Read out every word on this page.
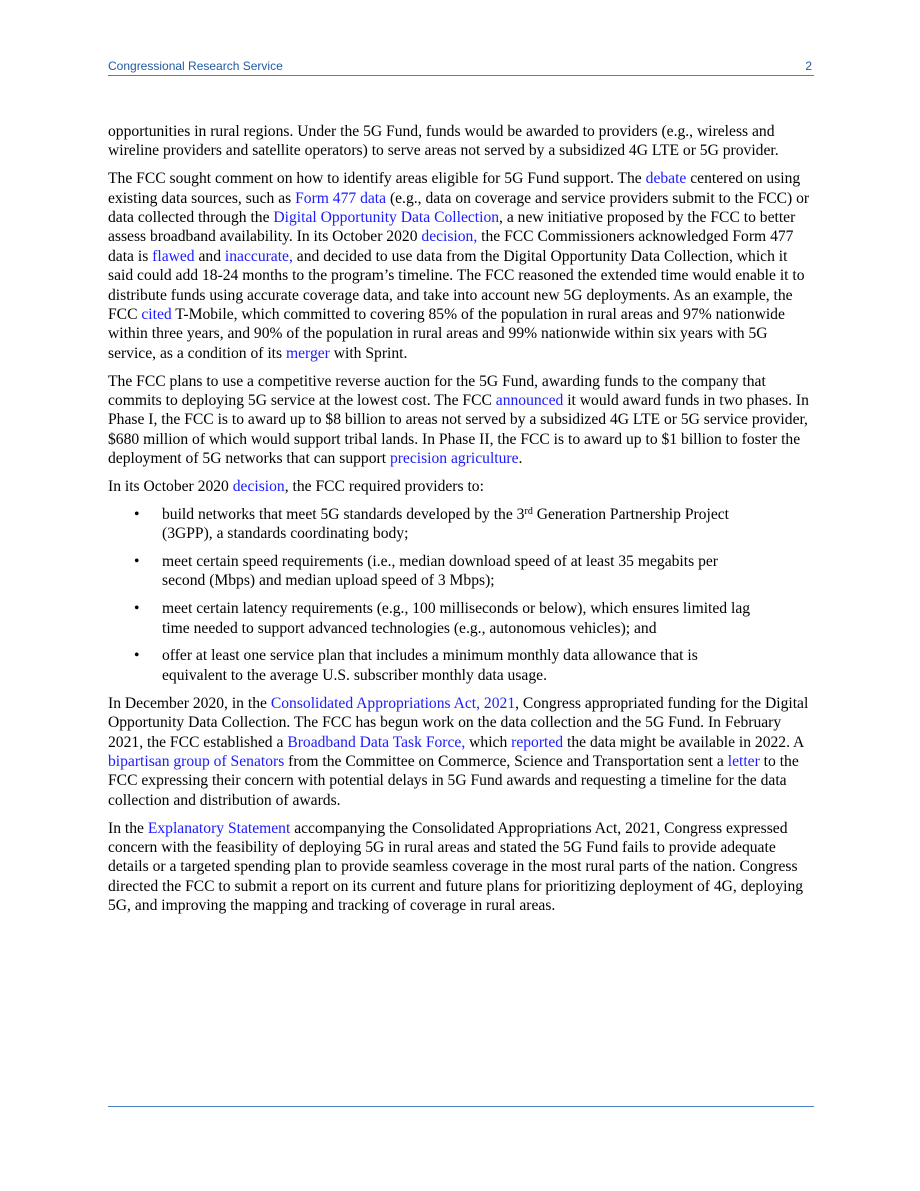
Congressional Research Service	2

opportunities in rural regions. Under the 5G Fund, funds would be awarded to providers (e.g., wireless and wireline providers and satellite operators) to serve areas not served by a subsidized 4G LTE or 5G provider.

The FCC sought comment on how to identify areas eligible for 5G Fund support. The debate centered on using existing data sources, such as Form 477 data (e.g., data on coverage and service providers submit to the FCC) or data collected through the Digital Opportunity Data Collection, a new initiative proposed by the FCC to better assess broadband availability. In its October 2020 decision, the FCC Commissioners acknowledged Form 477 data is flawed and inaccurate, and decided to use data from the Digital Opportunity Data Collection, which it said could add 18-24 months to the program’s timeline. The FCC reasoned the extended time would enable it to distribute funds using accurate coverage data, and take into account new 5G deployments. As an example, the FCC cited T-Mobile, which committed to covering 85% of the population in rural areas and 97% nationwide within three years, and 90% of the population in rural areas and 99% nationwide within six years with 5G service, as a condition of its merger with Sprint.

The FCC plans to use a competitive reverse auction for the 5G Fund, awarding funds to the company that commits to deploying 5G service at the lowest cost. The FCC announced it would award funds in two phases. In Phase I, the FCC is to award up to $8 billion to areas not served by a subsidized 4G LTE or 5G service provider, $680 million of which would support tribal lands. In Phase II, the FCC is to award up to $1 billion to foster the deployment of 5G networks that can support precision agriculture.

In its October 2020 decision, the FCC required providers to:

• build networks that meet 5G standards developed by the 3rd Generation Partnership Project (3GPP), a standards coordinating body;
• meet certain speed requirements (i.e., median download speed of at least 35 megabits per second (Mbps) and median upload speed of 3 Mbps);
• meet certain latency requirements (e.g., 100 milliseconds or below), which ensures limited lag time needed to support advanced technologies (e.g., autonomous vehicles); and
• offer at least one service plan that includes a minimum monthly data allowance that is equivalent to the average U.S. subscriber monthly data usage.

In December 2020, in the Consolidated Appropriations Act, 2021, Congress appropriated funding for the Digital Opportunity Data Collection. The FCC has begun work on the data collection and the 5G Fund. In February 2021, the FCC established a Broadband Data Task Force, which reported the data might be available in 2022. A bipartisan group of Senators from the Committee on Commerce, Science and Transportation sent a letter to the FCC expressing their concern with potential delays in 5G Fund awards and requesting a timeline for the data collection and distribution of awards.

In the Explanatory Statement accompanying the Consolidated Appropriations Act, 2021, Congress expressed concern with the feasibility of deploying 5G in rural areas and stated the 5G Fund fails to provide adequate details or a targeted spending plan to provide seamless coverage in the most rural parts of the nation. Congress directed the FCC to submit a report on its current and future plans for prioritizing deployment of 4G, deploying 5G, and improving the mapping and tracking of coverage in rural areas.
